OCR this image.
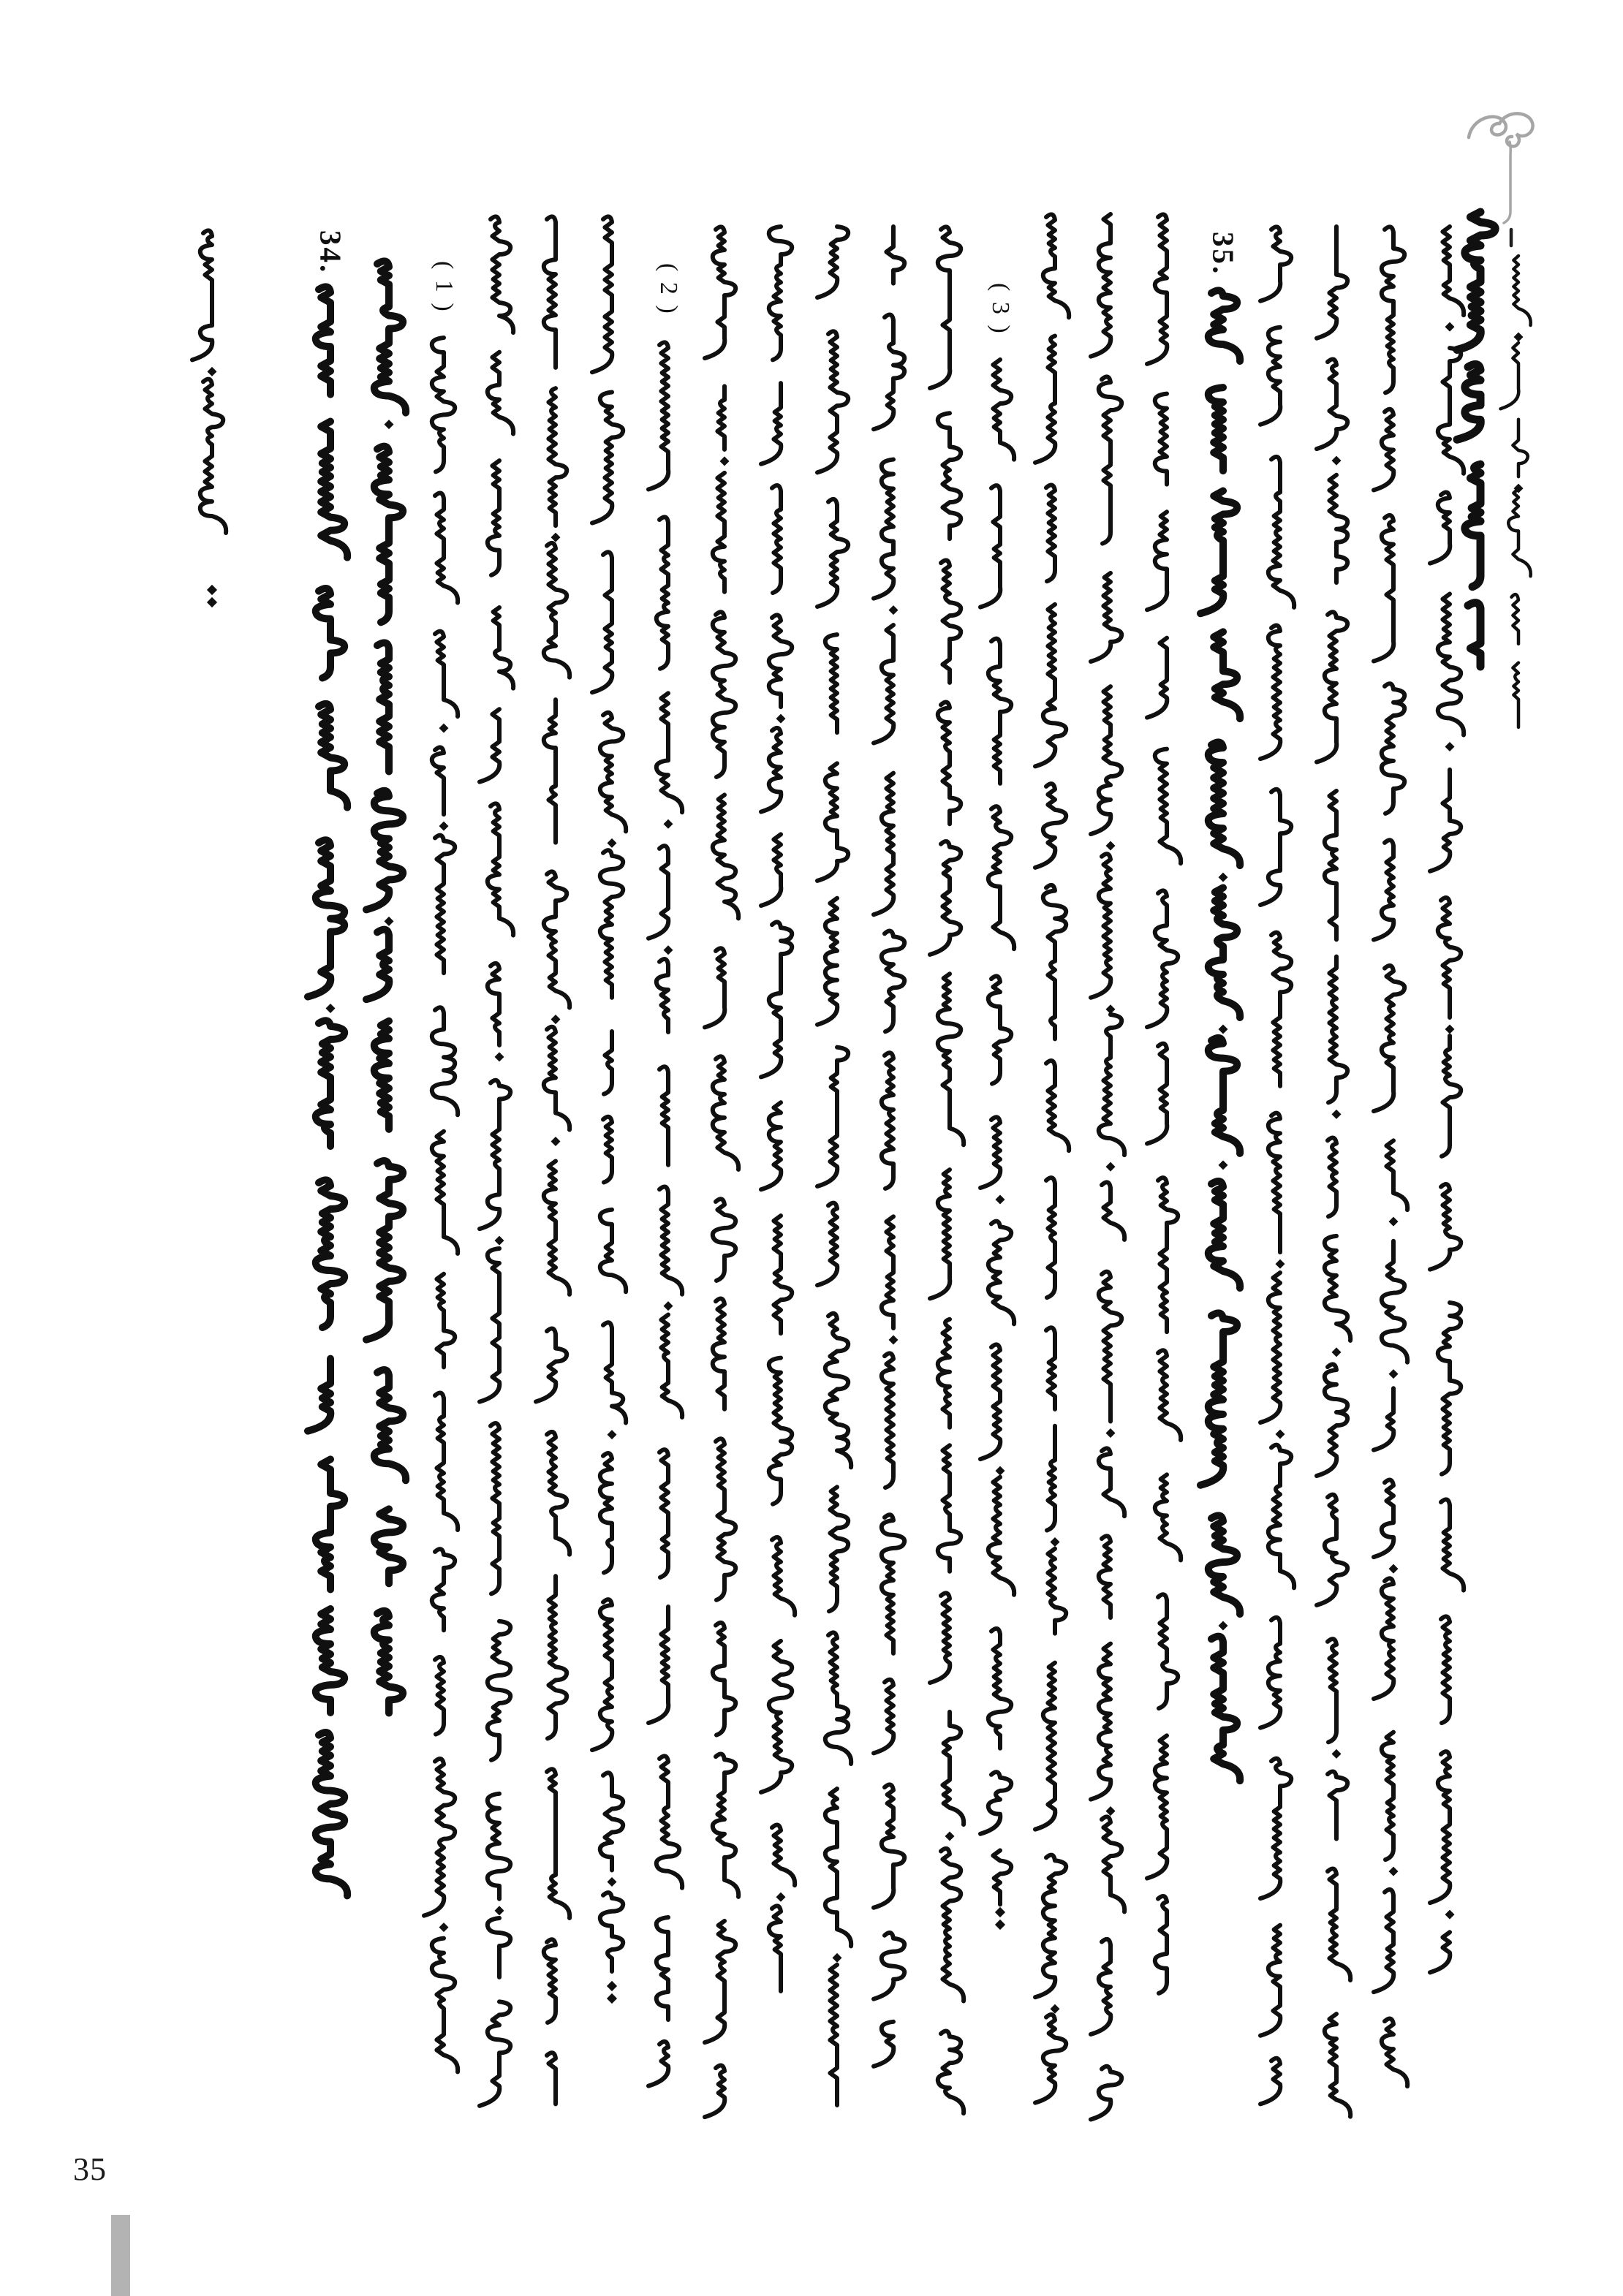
35
34.
( 1 )	( 2 )	( 3 )
35.
